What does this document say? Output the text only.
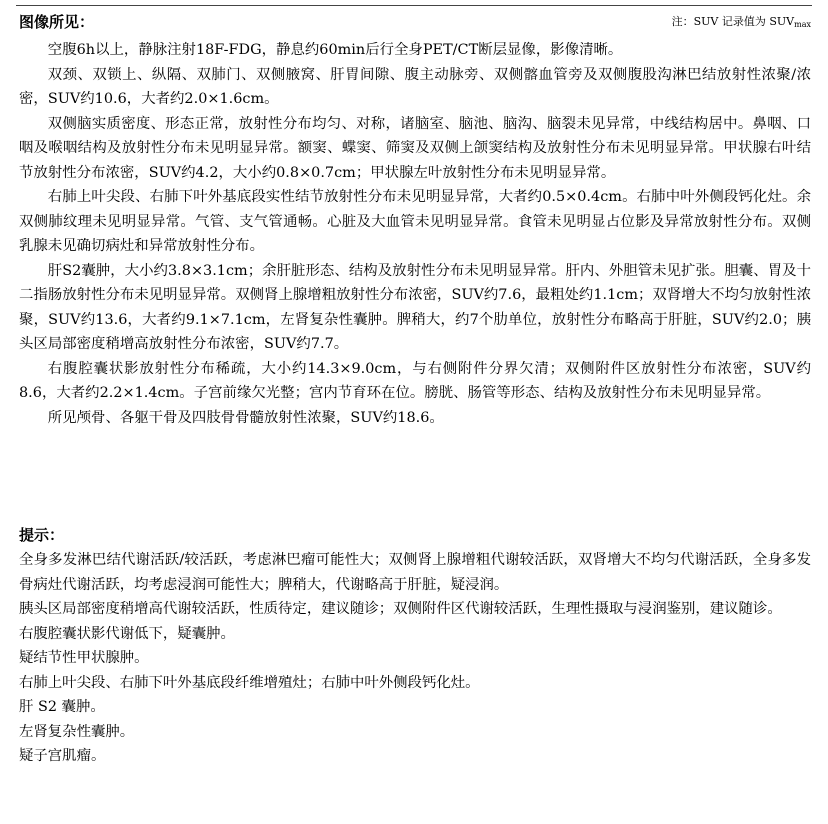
图像所见：	注：SUV 记录值为 $SUV_{max}$

空腹6h以上，静脉注射18F-FDG，静息约60min后行全身PET/CT断层显像，影像清晰。

双颈、双锁上、纵隔、双肺门、双侧腋窝、肝胃间隙、腹主动脉旁、双侧髂血管旁及双侧腹股沟淋巴结放射性浓聚/浓密，SUV约10.6，大者约2.0×1.6cm。

双侧脑实质密度、形态正常，放射性分布均匀、对称，诸脑室、脑池、脑沟、脑裂未见异常，中线结构居中。鼻咽、口咽及喉咽结构及放射性分布未见明显异常。额窦、蝶窦、筛窦及双侧上颌窦结构及放射性分布未见明显异常。甲状腺右叶结节放射性分布浓密，SUV约4.2，大小约0.8×0.7cm；甲状腺左叶放射性分布未见明显异常。

右肺上叶尖段、右肺下叶外基底段实性结节放射性分布未见明显异常，大者约0.5×0.4cm。右肺中叶外侧段钙化灶。余双侧肺纹理未见明显异常。气管、支气管通畅。心脏及大血管未见明显异常。食管未见明显占位影及异常放射性分布。双侧乳腺未见确切病灶和异常放射性分布。

肝S2囊肿，大小约3.8×3.1cm；余肝脏形态、结构及放射性分布未见明显异常。肝内、外胆管未见扩张。胆囊、胃及十二指肠放射性分布未见明显异常。双侧肾上腺增粗放射性分布浓密，SUV约7.6，最粗处约1.1cm；双肾增大不均匀放射性浓聚，SUV约13.6，大者约9.1×7.1cm，左肾复杂性囊肿。脾稍大，约7个肋单位，放射性分布略高于肝脏，SUV约2.0；胰头区局部密度稍增高放射性分布浓密，SUV约7.7。

右腹腔囊状影放射性分布稀疏，大小约14.3×9.0cm，与右侧附件分界欠清；双侧附件区放射性分布浓密，SUV约8.6，大者约2.2×1.4cm。子宫前缘欠光整；宫内节育环在位。膀胱、肠管等形态、结构及放射性分布未见明显异常。

所见颅骨、各躯干骨及四肢骨骨髓放射性浓聚，SUV约18.6。

提示：

全身多发淋巴结代谢活跃/较活跃，考虑淋巴瘤可能性大；双侧肾上腺增粗代谢较活跃，双肾增大不均匀代谢活跃，全身多发骨病灶代谢活跃，均考虑浸润可能性大；脾稍大，代谢略高于肝脏，疑浸润。

胰头区局部密度稍增高代谢较活跃，性质待定，建议随诊；双侧附件区代谢较活跃，生理性摄取与浸润鉴别，建议随诊。

右腹腔囊状影代谢低下，疑囊肿。

疑结节性甲状腺肿。

右肺上叶尖段、右肺下叶外基底段纤维增殖灶；右肺中叶外侧段钙化灶。

肝 S2 囊肿。

左肾复杂性囊肿。

疑子宫肌瘤。
